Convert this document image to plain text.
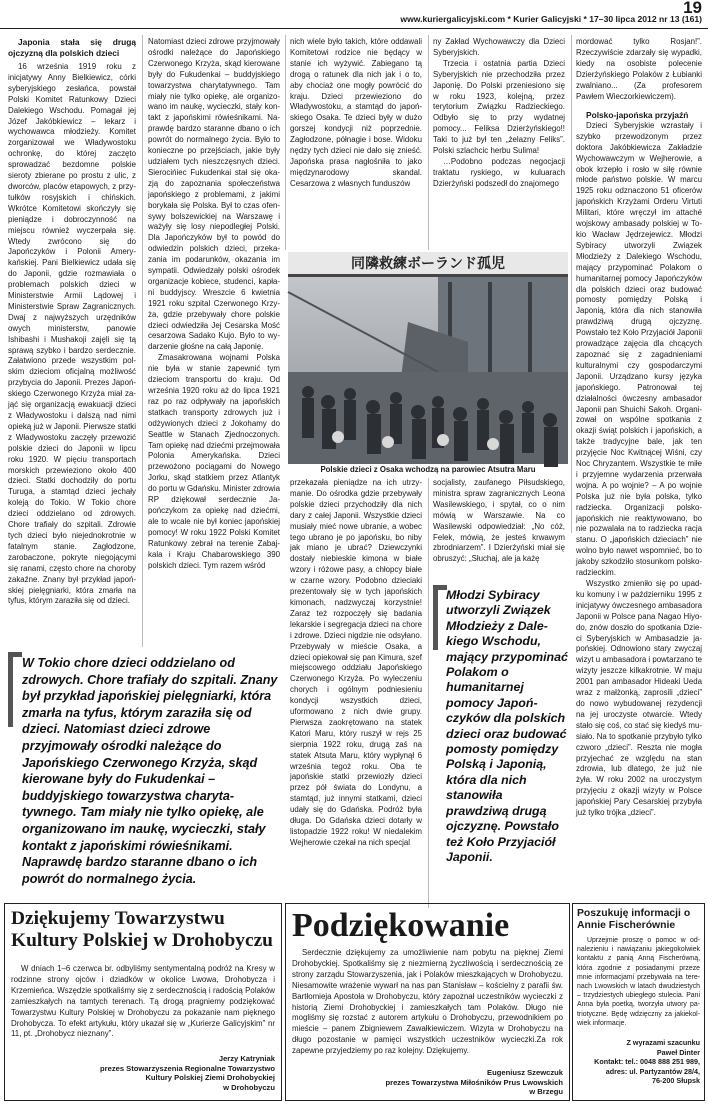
19
www.kuriergalicyjski.com * Kurier Galicyjski * 17–30 lipca 2012 nr 13 (161)

Japonia stała się drugą ojczyzną dla polskich dzieci

16 września 1919 roku z inicjatywy Anny Bielkiewicz, córki syberyjskiego zesłańca, powstał Polski Komitet Ratunkowy Dzieci Dalekiego Wschodu. Pomagał jej Józef Jakóbkiewicz – lekarz i wychowawca młodzieży. Komitet zorganizował we Władywostoku ochronkę, do której zaczęto sprowadzać bezdomne polskie sieroty zbierane po prostu z ulic, z dworców, placów etapowych, z przytułków rosyjskich i chińskich. Wkrótce Komitetowi skończyły się pieniądze i dobroczynność na miejscu również wyczerpała się. Wtedy zwrócono się do Japończyków i Polonii Amerykańskiej. Pani Bielkiewicz udała się do Japonii, gdzie rozmawiała o problemach polskich dzieci w Ministerstwie Armii Lądowej i Ministerstwie Spraw Zagranicznych. Dwaj z najwyższych urzędników owych ministerstw, panowie Ishibashi i Mushakoji zajęli się tą sprawą szybko i bardzo serdecznie. Załatwiono przede wszystkim polskim dzieciom oficjalną możliwość przybycia do Japonii. Prezes Japońskiego Czerwonego Krzyża miał zająć się organizacją ewakuacji dzieci z Władywostoku i dalszą nad nimi opieką już w Japonii. Pierwsze statki z Władywostoku zaczęły przewozić polskie dzieci do Japonii w lipcu roku 1920. W pięciu transportach morskich przewieziono około 400 dzieci. Statki dochodziły do portu Turuga, a stamtąd dzieci jechały koleją do Tokio. W Tokio chore dzieci oddzielano od zdrowych. Chore trafiały do szpitali. Zdrowie tych dzieci było niejednokrotnie w fatalnym stanie. Zagłodzone, zarobaczone, pokryte niegojącymi się ranami, często chore na choroby zakaźne. Znany był przykład japońskiej pielęgniarki, która zmarła na tyfus, którym zaraziła się od dzieci.

Natomiast dzieci zdrowe przyjmowały ośrodki należące do Japońskiego Czerwonego Krzyża, skąd kierowane były do Fukudenkai – buddyjskiego towarzystwa charytatywnego. Tam miały nie tylko opiekę, ale organizowano im naukę, wycieczki, stały kontakt z japońskimi rówieśnikami. Naprawdę bardzo staranne dbano o ich powrót do normalnego życia. Było to konieczne po przejściach, jakie były udziałem tych nieszczęsnych dzieci. Sierocińiec Fukudenkai stał się okazją do zapoznania społeczeństwa japońskiego z problemami, z jakimi borykała się Polska. Był to czas ofensywy bolszewickiej na Warszawę i ważyły się losy niepodległej Polski. Dla Japończyków był to powód do odwiedzin polskich dzieci, przekazania im podarunków, okazania im sympatii. Odwiedzały polski ośrodek organizacje kobiece, studenci, kapłani buddyjscy. Wreszcie 6 kwietnia 1921 roku szpital Czerwonego Krzyża, gdzie przebywały chore polskie dzieci odwiedziła Jej Cesarska Mość cesarzowa Sadako Kujo. Było to wydarzenie głośne na całą Japonię.

Zmasakrowana wojnami Polska nie była w stanie zapewnić tym dzieciom transportu do kraju. Od września 1920 roku aż do lipca 1921 raz po raz odpływały na japońskich statkach transporty zdrowych już i odżywionych dzieci z Jokohamy do Seattle w Stanach Zjednoczonych. Tam opiekę nad dziećmi przejmowała Polonia Amerykańska. Dzieci przewożono pociągami do Nowego Jorku, skąd statkiem przez Atlantyk do portu w Gdańsku. Minister zdrowia RP dziękował serdecznie Japończykom za opiekę nad dziećmi, ale to wcale nie był koniec japońskiej pomocy! W roku 1922 Polski Komitet Ratunkowy zebrał na terenie Zabajkala i Kraju Chabarowskiego 390 polskich dzieci. Tym razem wśród

nich wiele było takich, które oddawali Komitetowi rodzice nie będący w stanie ich wyżywić. Zabiegano tą drogą o ratunek dla nich jak i o to, aby chociaż one mogły powrócić do kraju. Dzieci przewieziono do Władywostoku, a stamtąd do japońskiego Osaka. Te dzieci były w dużo gorszej kondycji niż poprzednie. Zagłodzone, półnagie i bose. Widoku nędzy tych dzieci nie dało się znieść. Japońska prasa nagłośniła to jako międzynarodowy skandal. Cesarzowa z własnych funduszów

ny Zakład Wychowawczy dla Dzieci Syberyjskich.

Trzecia i ostatnia partia Dzieci Syberyjskich nie przechodziła przez Japonię. Do Polski przeniesiono się w roku 1923, kolejną, przez terytorium Związku Radzieckiego. Odbyło się to przy wydatnej pomocy... Feliksa Dzierżyńskiego!! Taki to już był ten „żelazny Feliks”. Polski szlachcic herbu Sulima!

…Podobno podczas negocjacji traktatu ryskiego, w kuluarach Dzierżyński podszedł do znajomego

同隣救練ボーランド孤児
Polskie dzieci z Osaka wchodzą na parowiec Atsutra Maru

przekazała pieniądze na ich utrzymanie. Do ośrodka gdzie przebywały polskie dzieci przychodziły dla nich dary z całej Japonii. Wszystkie dzieci musiały mieć nowe ubranie, a wobec tego ubrano je po japońsku, bo niby jak miano je ubrać? Dziewczynki dostały niebieskie kimona w białe wzory i różowe pasy, a chłopcy białe w czarne wzory. Podobno dzieciaki prezentowały się w tych japońskich kimonach, nadzwyczaj korzystnie! Zaraz też rozpoczęły się badania lekarskie i segregacja dzieci na chore i zdrowe. Dzieci nigdzie nie odsyłano. Przebywały w mieście Osaka, a dzieci opiekował się pan Kimura, szef miejscowego oddziału Japońskiego Czerwonego Krzyża. Po wyleczeniu chorych i ogólnym podniesieniu kondycji wszystkich dzieci, uformowano z nich dwie grupy. Pierwsza zaokrętowano na statek Katori Maru, który ruszył w rejs 25 sierpnia 1922 roku, drugą zaś na statek Atsuta Maru, który wypłynął 6 września tegoż roku. Oba te japońskie statki przewiozły dzieci przez pół świata do Londynu, a stamtąd, już innymi statkami, dzieci udały się do Gdańska. Podróż była długa. Do Gdańska dzieci dotarły w listopadzie 1922 roku! W niedalekim Wejherowie czekał na nich specjal

socjalisty, zaufanego Piłsudskiego, ministra spraw zagranicznych Leona Wasilewskiego, i spytał, co o nim mówią w Warszawie. Na co Wasilewski odpowiedział: „No cóż, Felek, mówią, że jesteś krwawym zbrodniarzem”. I Dzierżyński miał się obruszyć: „Słuchaj, ale ja każę

Młodzi Sybiracy utworzyli Związek Młodzieży z Dalekiego Wschodu, mający przypominać Polakom o humanitarnej pomocy Japończyków dla polskich dzieci oraz budować pomosty pomiędzy Polską i Japonią, która dla nich stanowiła prawdziwą drugą ojczyznę. Powstało też Koło Przyjaciół Japonii.

mordować tylko Rosjan!”. Rzeczywiście zdarzały się wypadki, kiedy na osobiste polecenie Dzierżyńskiego Polaków z Łubianki zwalniano... (Za profesorem Pawłem Wieczorkiewiczem).

Polsko-japońska przyjaźń

Dzieci Syberyjskie wzrastały i szybko przewodzonym przez doktora Jakóbkiewicza Zakładzie Wychowawczym w Wejherowie, a obok krzepło i rosło w siłę równie młode państwo polskie. W marcu 1925 roku odznaczono 51 oficerów japońskich Krzyżami Orderu Virtuti Militari, które wręczył im attaché wojskowy ambasady polskiej w Tokio Wacław Jędrzejewicz. Młodzi Sybiracy utworzyli Związek Młodzieży z Dalekiego Wschodu, mający przypominać Polakom o humanitarnej pomocy Japończyków dla polskich dzieci oraz budować pomosty pomiędzy Polską i Japonią, która dla nich stanowiła prawdziwą drugą ojczyznę. Powstało też Koło Przyjaciół Japonii prowadzące zajęcia dla chcących zapoznać się z zagadnieniami kulturalnymi czy gospodarczymi Japonii. Urządzano kursy języka japońskiego. Patronował tej działalności ówczesny ambasador Japonii pan Shuichi Sakoh. Organizował on wspólne spotkania z okazji świąt polskich i japońskich, a także tradycyjne bale, jak ten przyjęcie Noc Kwitnącej Wiśni, czy Noc Chryzantem. Wszystkie te miłe i przyjemne wydarzenia przerwała wojna. A po wojnie? – A po wojnie Polska już nie była polska, tylko radziecka. Organizacji polsko-japońskich nie reaktywowano, bo nie pozwalała na to radziecka racja stanu. O „japońskich dzieciach” nie wolno było nawet wspomnieć, bo to jakoby szkodziło stosunkom polsko-radzieckim.

Wszystko zmieniło się po upadku komuny i w październiku 1995 z inicjatywy ówczesnego ambasadora Japonii w Polsce pana Nagao Hiyodo, znów doszło do spotkania Dzieci Syberyjskich w Ambasadzie japońskiej. Odnowiono stary zwyczaj wizyt u ambasadora i powtarzano te wizyty jeszcze kilkakrotnie. W maju 2001 pan ambasador Hideaki Ueda wraz z małżonką, zaprosili „dzieci” do nowo wybudowanej rezydencji na jej uroczyste otwarcie. Wtedy stało się coś, co stać się kiedyś musiało. Na to spotkanie przybyło tylko czworo „dzieci”. Reszta nie mogła przyjechać ze względu na stan zdrowia, lub dlatego, że już nie żyła. W roku 2002 na uroczystym przyjęciu z okazji wizyty w Polsce japońskiej Pary Cesarskiej przybyła już tylko trójka „dzieci”.

W Tokio chore dzieci oddzielano od zdrowych. Chore trafiały do szpitali. Znany był przykład japońskiej pielęgniarki, która zmarła na tyfus, którym zaraziła się od dzieci. Natomiast dzieci zdrowe przyjmowały ośrodki należące do Japońskiego Czerwonego Krzyża, skąd kierowane były do Fukudenkai – buddyjskiego towarzystwa charytatywnego. Tam miały nie tylko opiekę, ale organizowano im naukę, wycieczki, stały kontakt z japońskimi rówieśnikami. Naprawdę bardzo staranne dbano o ich powrót do normalnego życia.
Dziękujemy Towarzystwu Kultury Polskiej w Drohobyczu

W dniach 1–6 czerwca br. odbyliśmy sentymentalną podróż na Kresy w rodzinne strony ojców i dziadków w okolice Lwowa, Drohobycza i Krzemieńca. Wszędzie spotkaliśmy się z serdecznością i radością Polaków zamieszkałych na tamtych terenach. Tą drogą pragniemy podziękować Towarzystwu Kultury Polskiej w Drohobyczu za pokazanie nam pięknego Drohobycza. To efekt artykułu, który ukazał się w „Kurierze Galicyjskim” nr 11, pt. „Drohobycz nieznany”.

Jerzy Katryniak
prezes Stowarzyszenia Regionalne Towarzystwo
Kultury Polskiej Ziemi Drohobyckiej
w Drohobyczu
Podziękowanie

Serdecznie dziękujemy za umożliwienie nam pobytu na pięknej Ziemi Drohobyckiej. Spotkaliśmy się z niezmierną życzliwością i serdecznością ze strony zarządu Stowarzyszenia, jak i Polaków mieszkających w Drohobyczu. Niesamowite wrażenie wywarł na nas pan Stanisław – kościelny z parafii św. Bartłomieja Apostoła w Drohobyczu, który zapoznał uczestników wycieczki z historią Ziemi Drohobyckiej i zamieszkałych tam Polaków. Długo nie mogliśmy się rozstać z autorem artykułu o Drohobyczu, przewodnikiem po mieście – panem Zbigniewem Zawałkiewiczem. Wizyta w Drohobyczu na długo pozostanie w pamięci wszystkich uczestników wycieczki.Za rok zapewne przyjedziemy po raz kolejny. Dziękujemy.

Eugeniusz Szewczuk
prezes Towarzystwa Miłośników Prus Lwowskich
w Brzegu
Poszukuję informacji o Annie Fischerównie

Uprzejmie proszę o pomoc w odnalezieniu i nawiązaniu jakiegokolwiek kontaktu z panią Anną Fischerówną, która zgodnie z posiadanymi przeze mnie informacjami przebywała na terenach Lwowskich w latach dwudziestych – trzydziestych ubiegłego stulecia. Pani Anna była poetką, tworzyła utwory patriotyczne. Będę wdzięczny za jakiekolwiek informacje.

Z wyrazami szacunku
Paweł Dinter
Kontakt: tel.: 0048 888 251 989,
adres: ul. Partyzantów 28/4,
76-200 Słupsk
